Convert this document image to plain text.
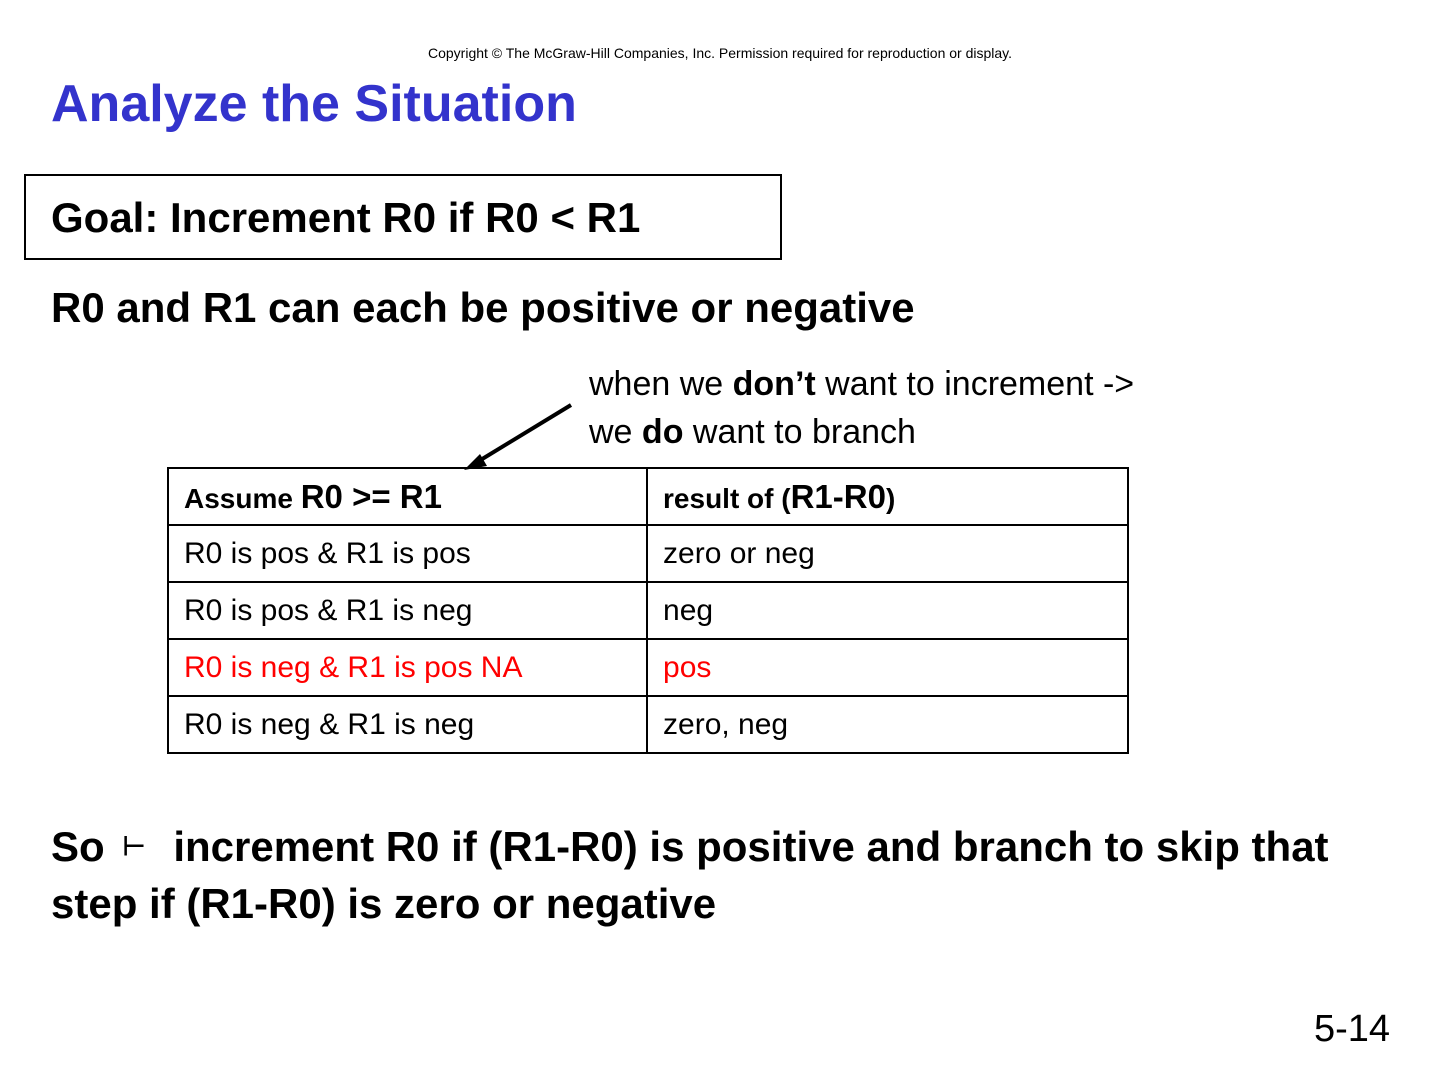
Copyright © The McGraw-Hill Companies, Inc. Permission required for reproduction or display.
Analyze the Situation
Goal: Increment R0 if R0 < R1
R0 and R1 can each be positive or negative
when we don’t want to increment ->
we do want to branch
Assume R0 >= R1	result of (R1-R0)
R0 is pos & R1 is pos	zero or neg
R0 is pos & R1 is neg	neg
R0 is neg & R1 is pos NA	pos
R0 is neg & R1 is neg	zero, neg
So ⊢ increment R0 if (R1-R0) is positive and branch to skip that step if (R1-R0) is zero or negative
5-14
